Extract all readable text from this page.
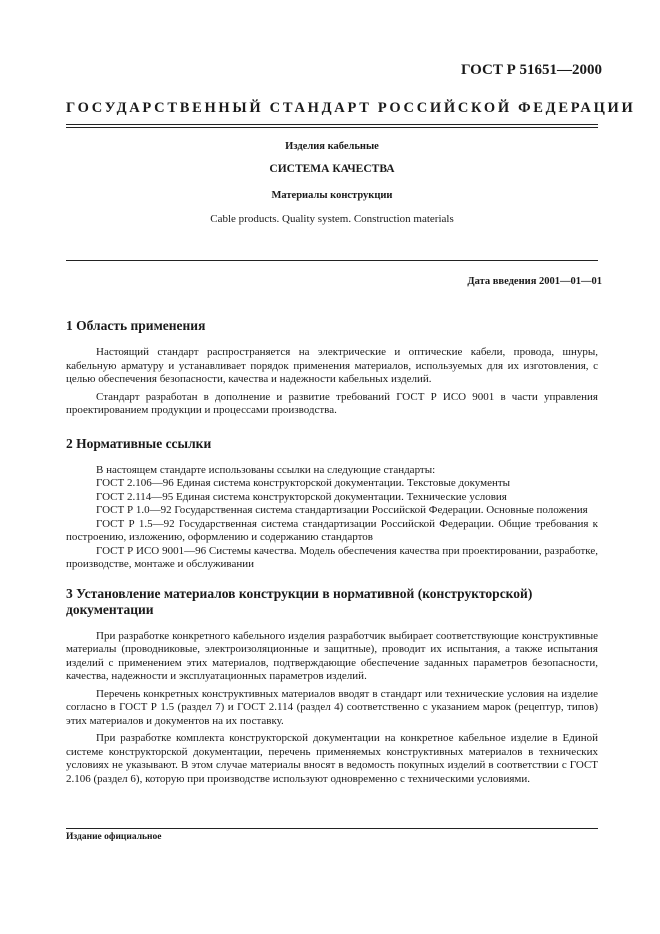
ГОСТ Р 51651—2000
ГОСУДАРСТВЕННЫЙ СТАНДАРТ РОССИЙСКОЙ ФЕДЕРАЦИИ
Изделия кабельные
СИСТЕМА КАЧЕСТВА
Материалы конструкции
Cable products. Quality system. Construction materials
Дата введения 2001—01—01
1 Область применения

Настоящий стандарт распространяется на электрические и оптические кабели, провода, шнуры, кабельную арматуру и устанавливает порядок применения материалов, используемых для их изготовления, с целью обеспечения безопасности, качества и надежности кабельных изделий.

Стандарт разработан в дополнение и развитие требований ГОСТ Р ИСО 9001 в части управления проектированием продукции и процессами производства.

2 Нормативные ссылки

В настоящем стандарте использованы ссылки на следующие стандарты:

ГОСТ 2.106—96 Единая система конструкторской документации. Текстовые документы

ГОСТ 2.114—95 Единая система конструкторской документации. Технические условия

ГОСТ Р 1.0—92 Государственная система стандартизации Российской Федерации. Основные положения

ГОСТ Р 1.5—92 Государственная система стандартизации Российской Федерации. Общие требования к построению, изложению, оформлению и содержанию стандартов

ГОСТ Р ИСО 9001—96 Системы качества. Модель обеспечения качества при проектировании, разработке, производстве, монтаже и обслуживании

3 Установление материалов конструкции в нормативной (конструкторской) документации

При разработке конкретного кабельного изделия разработчик выбирает соответствующие конструктивные материалы (проводниковые, электроизоляционные и защитные), проводит их испытания, а также испытания изделий с применением этих материалов, подтверждающие обеспечение заданных параметров безопасности, качества, надежности и эксплуатационных параметров изделий.

Перечень конкретных конструктивных материалов вводят в стандарт или технические условия на изделие согласно в ГОСТ Р 1.5 (раздел 7) и ГОСТ 2.114 (раздел 4) соответственно с указанием марок (рецептур, типов) этих материалов и документов на их поставку.

При разработке комплекта конструкторской документации на конкретное кабельное изделие в Единой системе конструкторской документации, перечень применяемых конструктивных материалов в технических условиях не указывают. В этом случае материалы вносят в ведомость покупных изделий в соответствии с ГОСТ 2.106 (раздел 6), которую при производстве используют одновременно с техническими условиями.

Издание официальное
